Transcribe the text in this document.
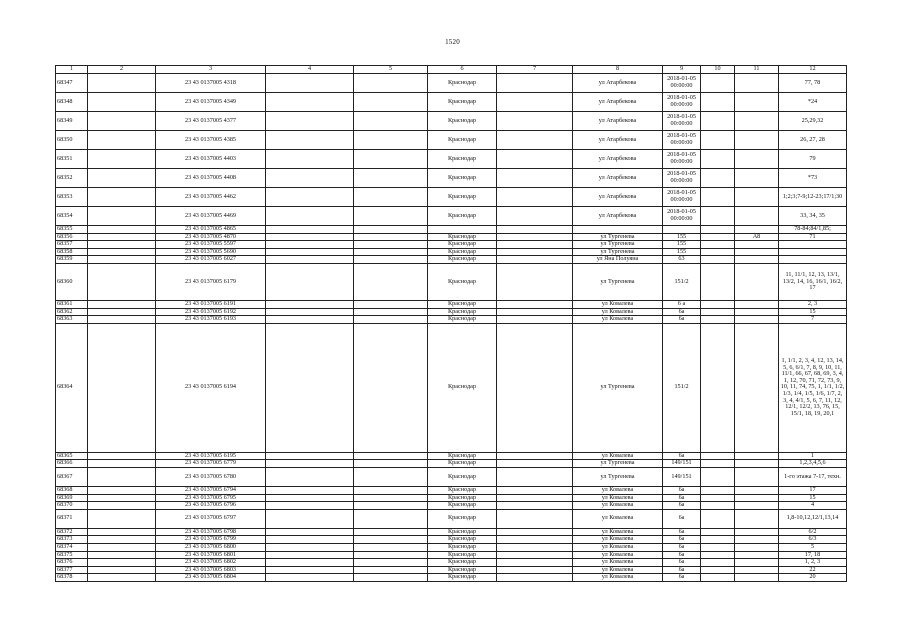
1520
1	2	3	4	5	6	7	8	9	10	11	12
68347		23 43 0137005 4318			Краснодар		ул Атарбекова	2018-01-05 00:00:00			77, 78
68348		23 43 0137005 4349			Краснодар		ул Атарбекова	2018-01-05 00:00:00			*24
68349		23 43 0137005 4377			Краснодар		ул Атарбекова	2018-01-05 00:00:00			25,29,32
68350		23 43 0137005 4385			Краснодар		ул Атарбекова	2018-01-05 00:00:00			26, 27, 28
68351		23 43 0137005 4403			Краснодар		ул Атарбекова	2018-01-05 00:00:00			79
68352		23 43 0137005 4408			Краснодар		ул Атарбекова	2018-01-05 00:00:00			*73
68353		23 43 0137005 4462			Краснодар		ул Атарбекова	2018-01-05 00:00:00			1;2;3;7-9;12-23;17/1;30
68354		23 43 0137005 4469			Краснодар		ул Атарбекова	2018-01-05 00:00:00			33, 34, 35
68355		23 43 0137005 4865									78-84;84/1,85;
68356		23 43 0137005 4870			Краснодар		ул Тургенева	155		А8	71
68357		23 43 0137005 5597			Краснодар		ул Тургенева	155			
68358		23 43 0137005 5690			Краснодар		ул Тургенева	155			
68359		23 43 0137005 6027			Краснодар		ул Яна Полуяна	63			
68360		23 43 0137005 6179			Краснодар		ул Тургенева	151/2			11, 11/1, 12, 13, 13/1, 13/2, 14, 16, 16/1, 16/2, 17
68361		23 43 0137005 6191			Краснодар		ул Ковалева	6 а			2, 3
68362		23 43 0137005 6192			Краснодар		ул Ковалева	6а			15
68363		23 43 0137005 6193			Краснодар		ул Ковалева	6а			7
68364		23 43 0137005 6194			Краснодар		ул Тургенева	151/2			1, 1/1, 2, 3, 4, 12, 13, 14, 5, 6, 6/1, 7, 8, 9, 10, 11, 11/1, 66, 67, 68, 69, 3, 4, 1, 12, 70, 71, 72, 73, 9, 10, 11, 74, 75, 1, 1/1, 1/2, 1/3, 1/4, 1/5, 1/6, 1/7, 2, 3, 4, 4/1, 5, 6, 7, 11, 12, 12/1, 12/2, 13, 76, 15, 15/1, 18, 19, 20,1
68365		23 43 0137005 6195			Краснодар		ул Ковалева	6а			1
68366		23 43 0137005 6779			Краснодар		ул Тургенева	149/151			1,2,3,4,5,6
68367		23 43 0137005 6780			Краснодар		ул Тургенева	149/151			1-го этажа 7-17, техн.
68368		23 43 0137005 6794			Краснодар		ул Ковалева	6а			17
68369		23 43 0137005 6795			Краснодар		ул Ковалева	6а			15
68370		23 43 0137005 6796			Краснодар		ул Ковалева	6а			4
68371		23 43 0137005 6797			Краснодар		ул Ковалева	6а			1,8-10,12,12/1,13,14
68372		23 43 0137005 6798			Краснодар		ул Ковалева	6а			6/2
68373		23 43 0137005 6799			Краснодар		ул Ковалева	6а			6/3
68374		23 43 0137005 6800			Краснодар		ул Ковалева	6а			5
68375		23 43 0137005 6801			Краснодар		ул Ковалева	6а			17, 18
68376		23 43 0137005 6802			Краснодар		ул Ковалева	6а			1, 2, 3
68377		23 43 0137005 6803			Краснодар		ул Ковалева	6а			22
68378		23 43 0137005 6804			Краснодар		ул Ковалева	6а			20
